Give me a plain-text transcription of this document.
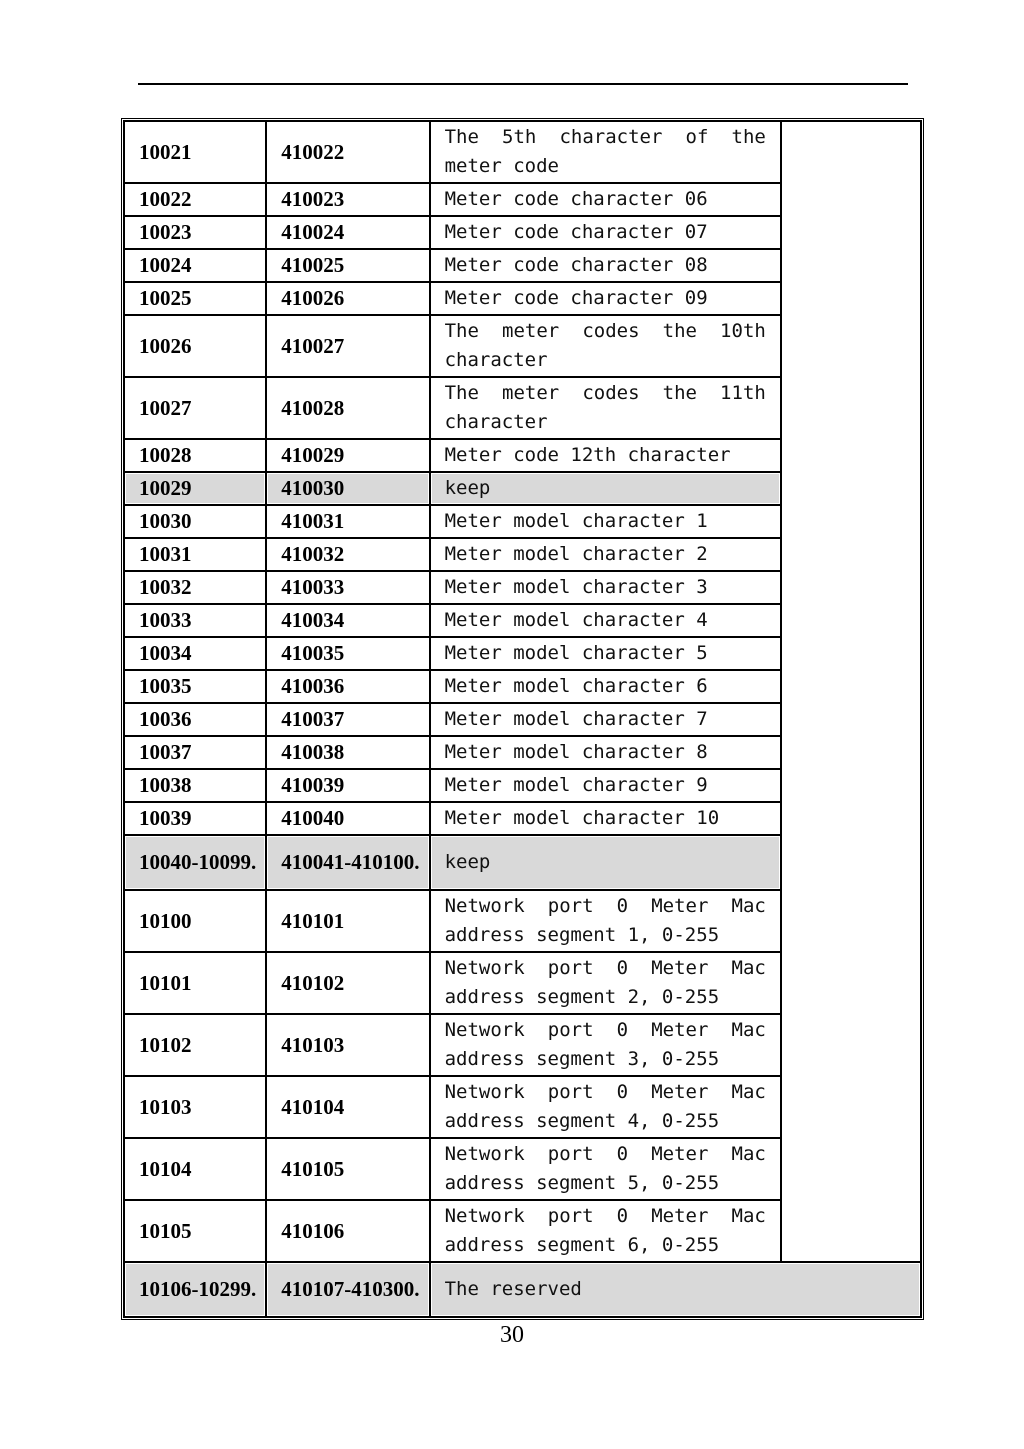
10021	410022	The 5th character of the meter code	
10022	410023	Meter code character 06	
10023	410024	Meter code character 07	
10024	410025	Meter code character 08	
10025	410026	Meter code character 09	
10026	410027	The meter codes the 10th character	
10027	410028	The meter codes the 11th character	
10028	410029	Meter code 12th character	
10029	410030	keep	
10030	410031	Meter model character 1	
10031	410032	Meter model character 2	
10032	410033	Meter model character 3	
10033	410034	Meter model character 4	
10034	410035	Meter model character 5	
10035	410036	Meter model character 6	
10036	410037	Meter model character 7	
10037	410038	Meter model character 8	
10038	410039	Meter model character 9	
10039	410040	Meter model character 10	
10040-10099.	410041-410100.	keep	
10100	410101	Network port 0 Meter Mac address segment 1, 0-255	
10101	410102	Network port 0 Meter Mac address segment 2, 0-255	
10102	410103	Network port 0 Meter Mac address segment 3, 0-255	
10103	410104	Network port 0 Meter Mac address segment 4, 0-255	
10104	410105	Network port 0 Meter Mac address segment 5, 0-255	
10105	410106	Network port 0 Meter Mac address segment 6, 0-255	
10106-10299.	410107-410300.	The reserved	
30
